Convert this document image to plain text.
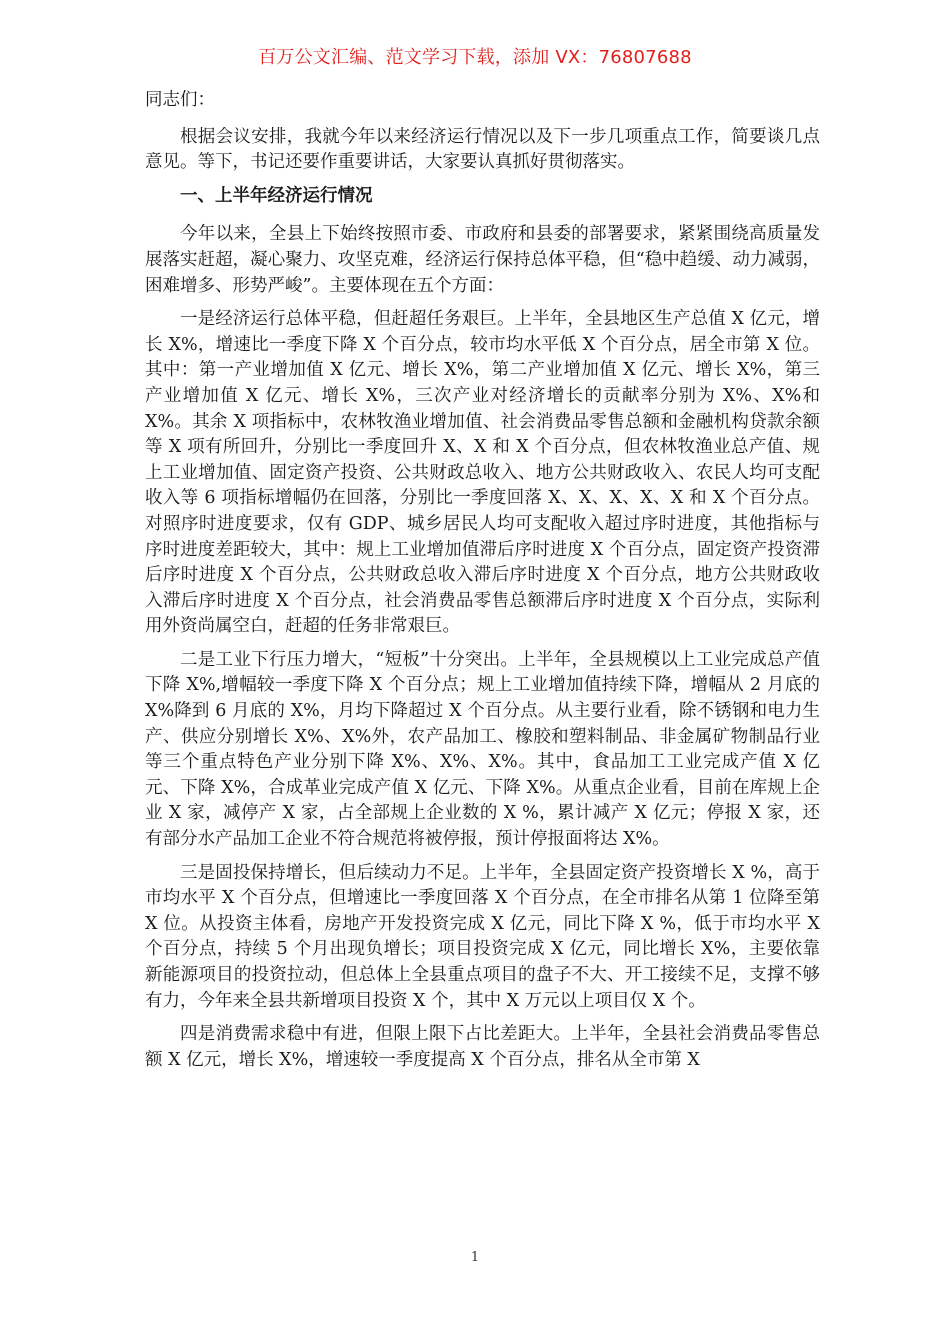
百万公文汇编、范文学习下载，添加 VX：76807688

同志们：

根据会议安排，我就今年以来经济运行情况以及下一步几项重点工作，简要谈几点意见。等下，书记还要作重要讲话，大家要认真抓好贯彻落实。

一、上半年经济运行情况

今年以来，全县上下始终按照市委、市政府和县委的部署要求，紧紧围绕高质量发展落实赶超，凝心聚力、攻坚克难，经济运行保持总体平稳，但“稳中趋缓、动力减弱，困难增多、形势严峻”。主要体现在五个方面：

一是经济运行总体平稳，但赶超任务艰巨。上半年，全县地区生产总值 X 亿元，增长 X%，增速比一季度下降 X 个百分点，较市均水平低 X 个百分点，居全市第 X 位。其中：第一产业增加值 X 亿元、增长 X%，第二产业增加值 X 亿元、增长 X%，第三产业增加值 X 亿元、增长 X%，三次产业对经济增长的贡献率分别为 X%、X%和 X%。其余 X 项指标中，农林牧渔业增加值、社会消费品零售总额和金融机构贷款余额等 X 项有所回升，分别比一季度回升 X、X 和 X 个百分点，但农林牧渔业总产值、规上工业增加值、固定资产投资、公共财政总收入、地方公共财政收入、农民人均可支配收入等 6 项指标增幅仍在回落，分别比一季度回落 X、X、X、X、X 和 X 个百分点。对照序时进度要求，仅有 GDP、城乡居民人均可支配收入超过序时进度，其他指标与序时进度差距较大，其中：规上工业增加值滞后序时进度 X 个百分点，固定资产投资滞后序时进度 X 个百分点，公共财政总收入滞后序时进度 X 个百分点，地方公共财政收入滞后序时进度 X 个百分点，社会消费品零售总额滞后序时进度 X 个百分点，实际利用外资尚属空白，赶超的任务非常艰巨。

二是工业下行压力增大，“短板”十分突出。上半年，全县规模以上工业完成总产值下降 X%,增幅较一季度下降 X 个百分点；规上工业增加值持续下降，增幅从 2 月底的 X%降到 6 月底的 X%，月均下降超过 X 个百分点。从主要行业看，除不锈钢和电力生产、供应分别增长 X%、X%外，农产品加工、橡胶和塑料制品、非金属矿物制品行业等三个重点特色产业分别下降 X%、X%、X%。其中，食品加工工业完成产值 X 亿元、下降 X%，合成革业完成产值 X 亿元、下降 X%。从重点企业看，目前在库规上企业 X 家，减停产 X 家，占全部规上企业数的 X %，累计减产 X 亿元；停报 X 家，还有部分水产品加工企业不符合规范将被停报，预计停报面将达 X%。

三是固投保持增长，但后续动力不足。上半年，全县固定资产投资增长 X %，高于市均水平 X 个百分点，但增速比一季度回落 X 个百分点，在全市排名从第 1 位降至第 X 位。从投资主体看，房地产开发投资完成 X 亿元，同比下降 X %，低于市均水平 X 个百分点，持续 5 个月出现负增长；项目投资完成 X 亿元，同比增长 X%，主要依靠新能源项目的投资拉动，但总体上全县重点项目的盘子不大、开工接续不足，支撑不够有力，今年来全县共新增项目投资 X 个，其中 X 万元以上项目仅 X 个。

四是消费需求稳中有进，但限上限下占比差距大。上半年，全县社会消费品零售总额 X 亿元，增长 X%，增速较一季度提高 X 个百分点，排名从全市第 X

1
